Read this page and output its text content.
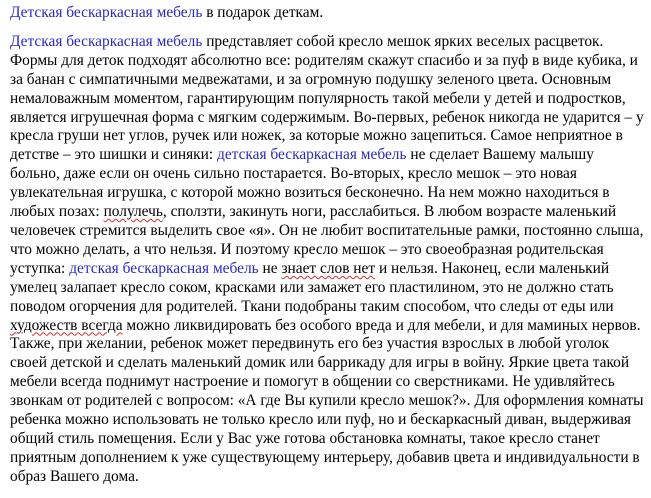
Детская бескаркасная мебель в подарок деткам.

Детская бескаркасная мебель представляет собой кресло мешок ярких веселых расцветок. Формы для деток подходят абсолютно все: родителям скажут спасибо и за пуф в виде кубика, и за банан с симпатичными медвежатами, и за огромную подушку зеленого цвета. Основным немаловажным моментом, гарантирующим популярность такой мебели у детей и подростков, является игрушечная форма с мягким содержимым. Во-первых, ребенок никогда не ударится – у кресла груши нет углов, ручек или ножек, за которые можно зацепиться. Самое неприятное в детстве – это шишки и синяки: детская бескаркасная мебель не сделает Вашему малышу больно, даже если он очень сильно постарается. Во-вторых, кресло мешок – это новая увлекательная игрушка, с которой можно возиться бесконечно. На нем можно находиться в любых позах: полулечь, сползти, закинуть ноги, расслабиться. В любом возрасте маленький человечек стремится выделить свое «я». Он не любит воспитательные рамки, постоянно слыша, что можно делать, а что нельзя. И поэтому кресло мешок – это своеобразная родительская уступка: детская бескаркасная мебель не знает слов нет и нельзя. Наконец, если маленький умелец залапает кресло соком, красками или замажет его пластилином, это не должно стать поводом огорчения для родителей. Ткани подобраны таким способом, что следы от еды или художеств всегда можно ликвидировать без особого вреда и для мебели, и для маминых нервов. Также, при желании, ребенок может передвинуть его без участия взрослых в любой уголок своей детской и сделать маленький домик или баррикаду для игры в войну. Яркие цвета такой мебели всегда поднимут настроение и помогут в общении со сверстниками. Не удивляйтесь звонкам от родителей с вопросом: «А где Вы купили кресло мешок?». Для оформления комнаты ребенка можно использовать не только кресло или пуф, но и бескаркасный диван, выдерживая общий стиль помещения. Если у Вас уже готова обстановка комнаты, такое кресло станет приятным дополнением к уже существующему интерьеру, добавив цвета и индивидуальности в образ Вашего дома.
